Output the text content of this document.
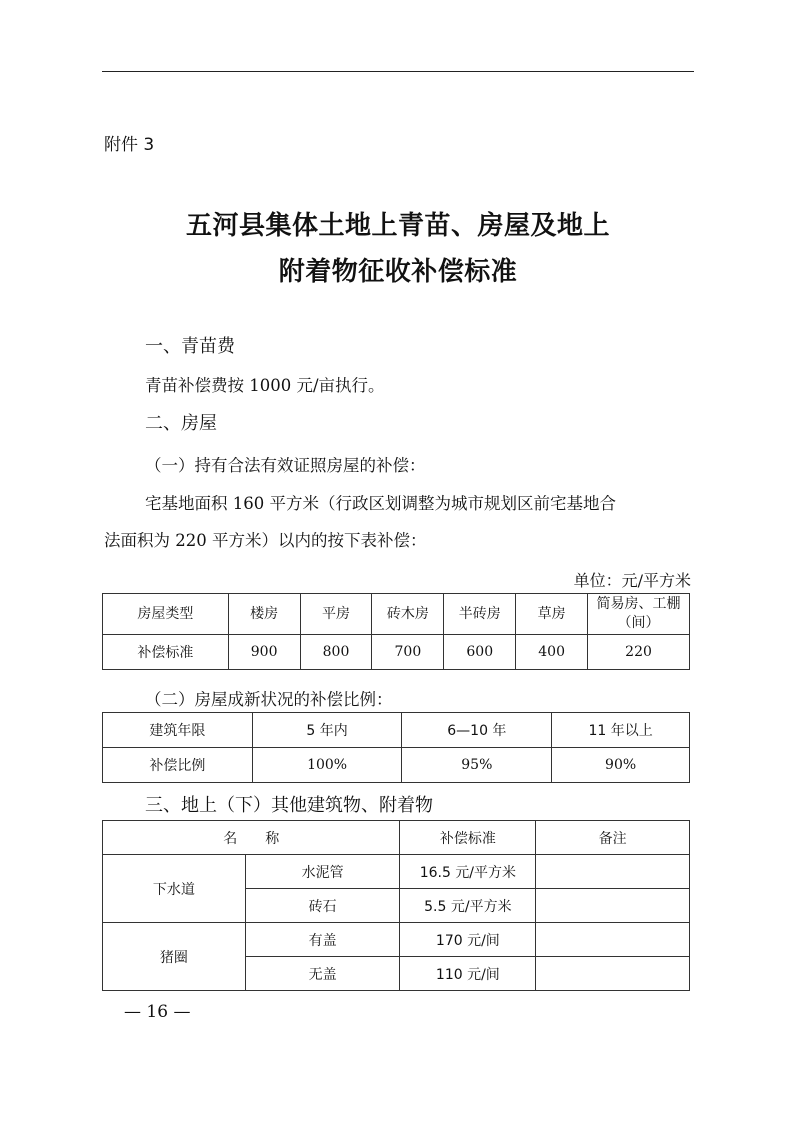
附件 3
五河县集体土地上青苗、房屋及地上
附着物征收补偿标准
一、青苗费
青苗补偿费按 1000 元/亩执行。
二、房屋
（一）持有合法有效证照房屋的补偿：
宅基地面积 160 平方米（行政区划调整为城市规划区前宅基地合
法面积为 220 平方米）以内的按下表补偿：
单位：元/平方米
房屋类型	楼房	平房	砖木房	半砖房	草房	简易房、工棚（间）
补偿标准	900	800	700	600	400	220
（二）房屋成新状况的补偿比例：
建筑年限	5 年内	6—10 年	11 年以上
补偿比例	100%	95%	90%
三、地上（下）其他建筑物、附着物
名　　称		补偿标准	备注
下水道	水泥管	16.5 元/平方米	
	砖石	5.5 元/平方米	
猪圈	有盖	170 元/间	
	无盖	110 元/间	
— 16 —
